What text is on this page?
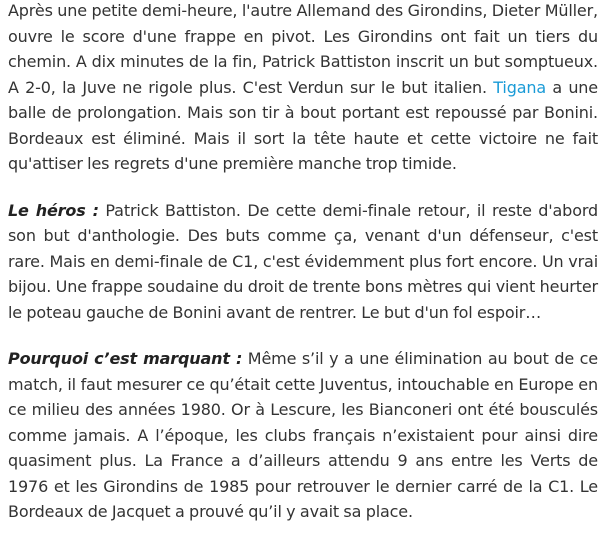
Après une petite demi-heure, l'autre Allemand des Girondins, Dieter Müller, ouvre le score d'une frappe en pivot. Les Girondins ont fait un tiers du chemin. A dix minutes de la fin, Patrick Battiston inscrit un but somptueux. A 2-0, la Juve ne rigole plus. C'est Verdun sur le but italien. Tigana a une balle de prolongation. Mais son tir à bout portant est repoussé par Bonini. Bordeaux est éliminé. Mais il sort la tête haute et cette victoire ne fait qu'attiser les regrets d'une première manche trop timide.

Le héros : Patrick Battiston. De cette demi-finale retour, il reste d'abord son but d'anthologie. Des buts comme ça, venant d'un défenseur, c'est rare. Mais en demi-finale de C1, c'est évidemment plus fort encore. Un vrai bijou. Une frappe soudaine du droit de trente bons mètres qui vient heurter le poteau gauche de Bonini avant de rentrer. Le but d'un fol espoir…

Pourquoi c’est marquant : Même s’il y a une élimination au bout de ce match, il faut mesurer ce qu’était cette Juventus, intouchable en Europe en ce milieu des années 1980. Or à Lescure, les Bianconeri ont été bousculés comme jamais. A l’époque, les clubs français n’existaient pour ainsi dire quasiment plus. La France a d’ailleurs attendu 9 ans entre les Verts de 1976 et les Girondins de 1985 pour retrouver le dernier carré de la C1. Le Bordeaux de Jacquet a prouvé qu’il y avait sa place.
